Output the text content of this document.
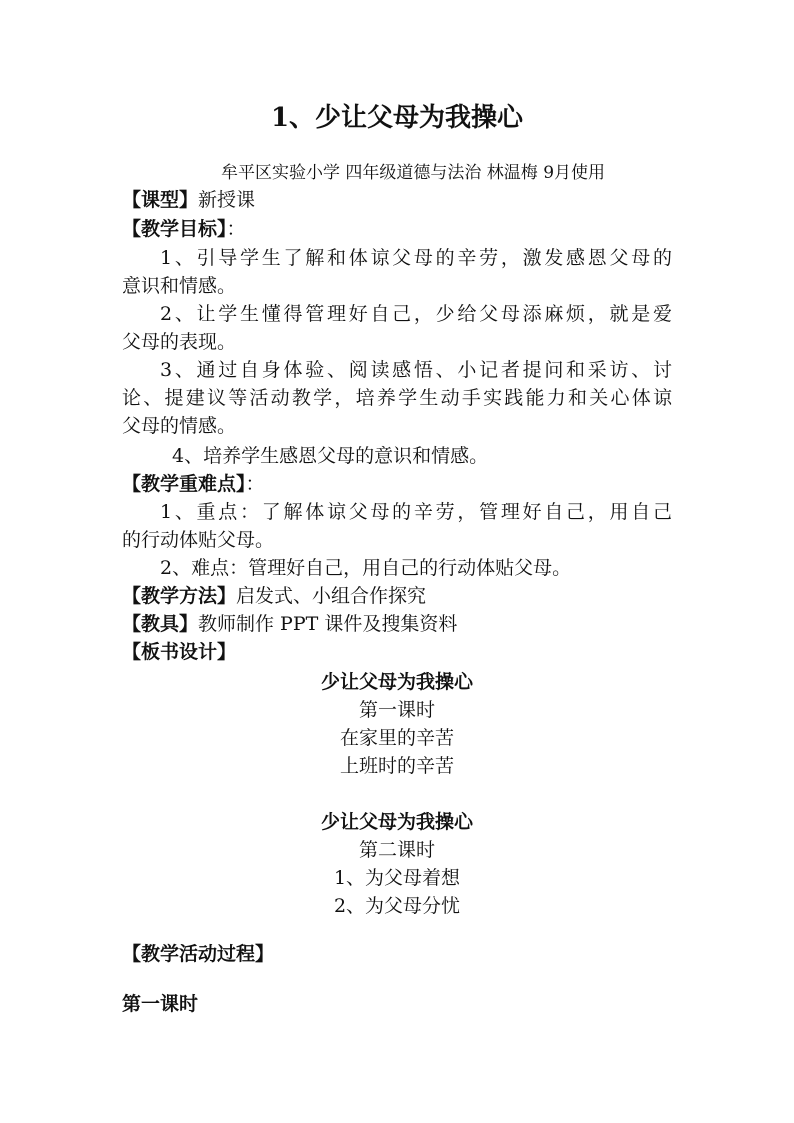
1、少让父母为我操心
牟平区实验小学 四年级道德与法治 林温梅 9月使用
【课型】新授课
【教学目标】：
1、引导学生了解和体谅父母的辛劳，激发感恩父母的
意识和情感。
2、让学生懂得管理好自己，少给父母添麻烦，就是爱
父母的表现。
3、通过自身体验、阅读感悟、小记者提问和采访、讨
论、提建议等活动教学，培养学生动手实践能力和关心体谅
父母的情感。
4、培养学生感恩父母的意识和情感。
【教学重难点】：
1、重点：了解体谅父母的辛劳，管理好自己，用自己
的行动体贴父母。
2、难点：管理好自己，用自己的行动体贴父母。
【教学方法】启发式、小组合作探究
【教具】教师制作 PPT 课件及搜集资料
【板书设计】
少让父母为我操心
第一课时
在家里的辛苦
上班时的辛苦
少让父母为我操心
第二课时
1、为父母着想
2、为父母分忧
【教学活动过程】
第一课时
